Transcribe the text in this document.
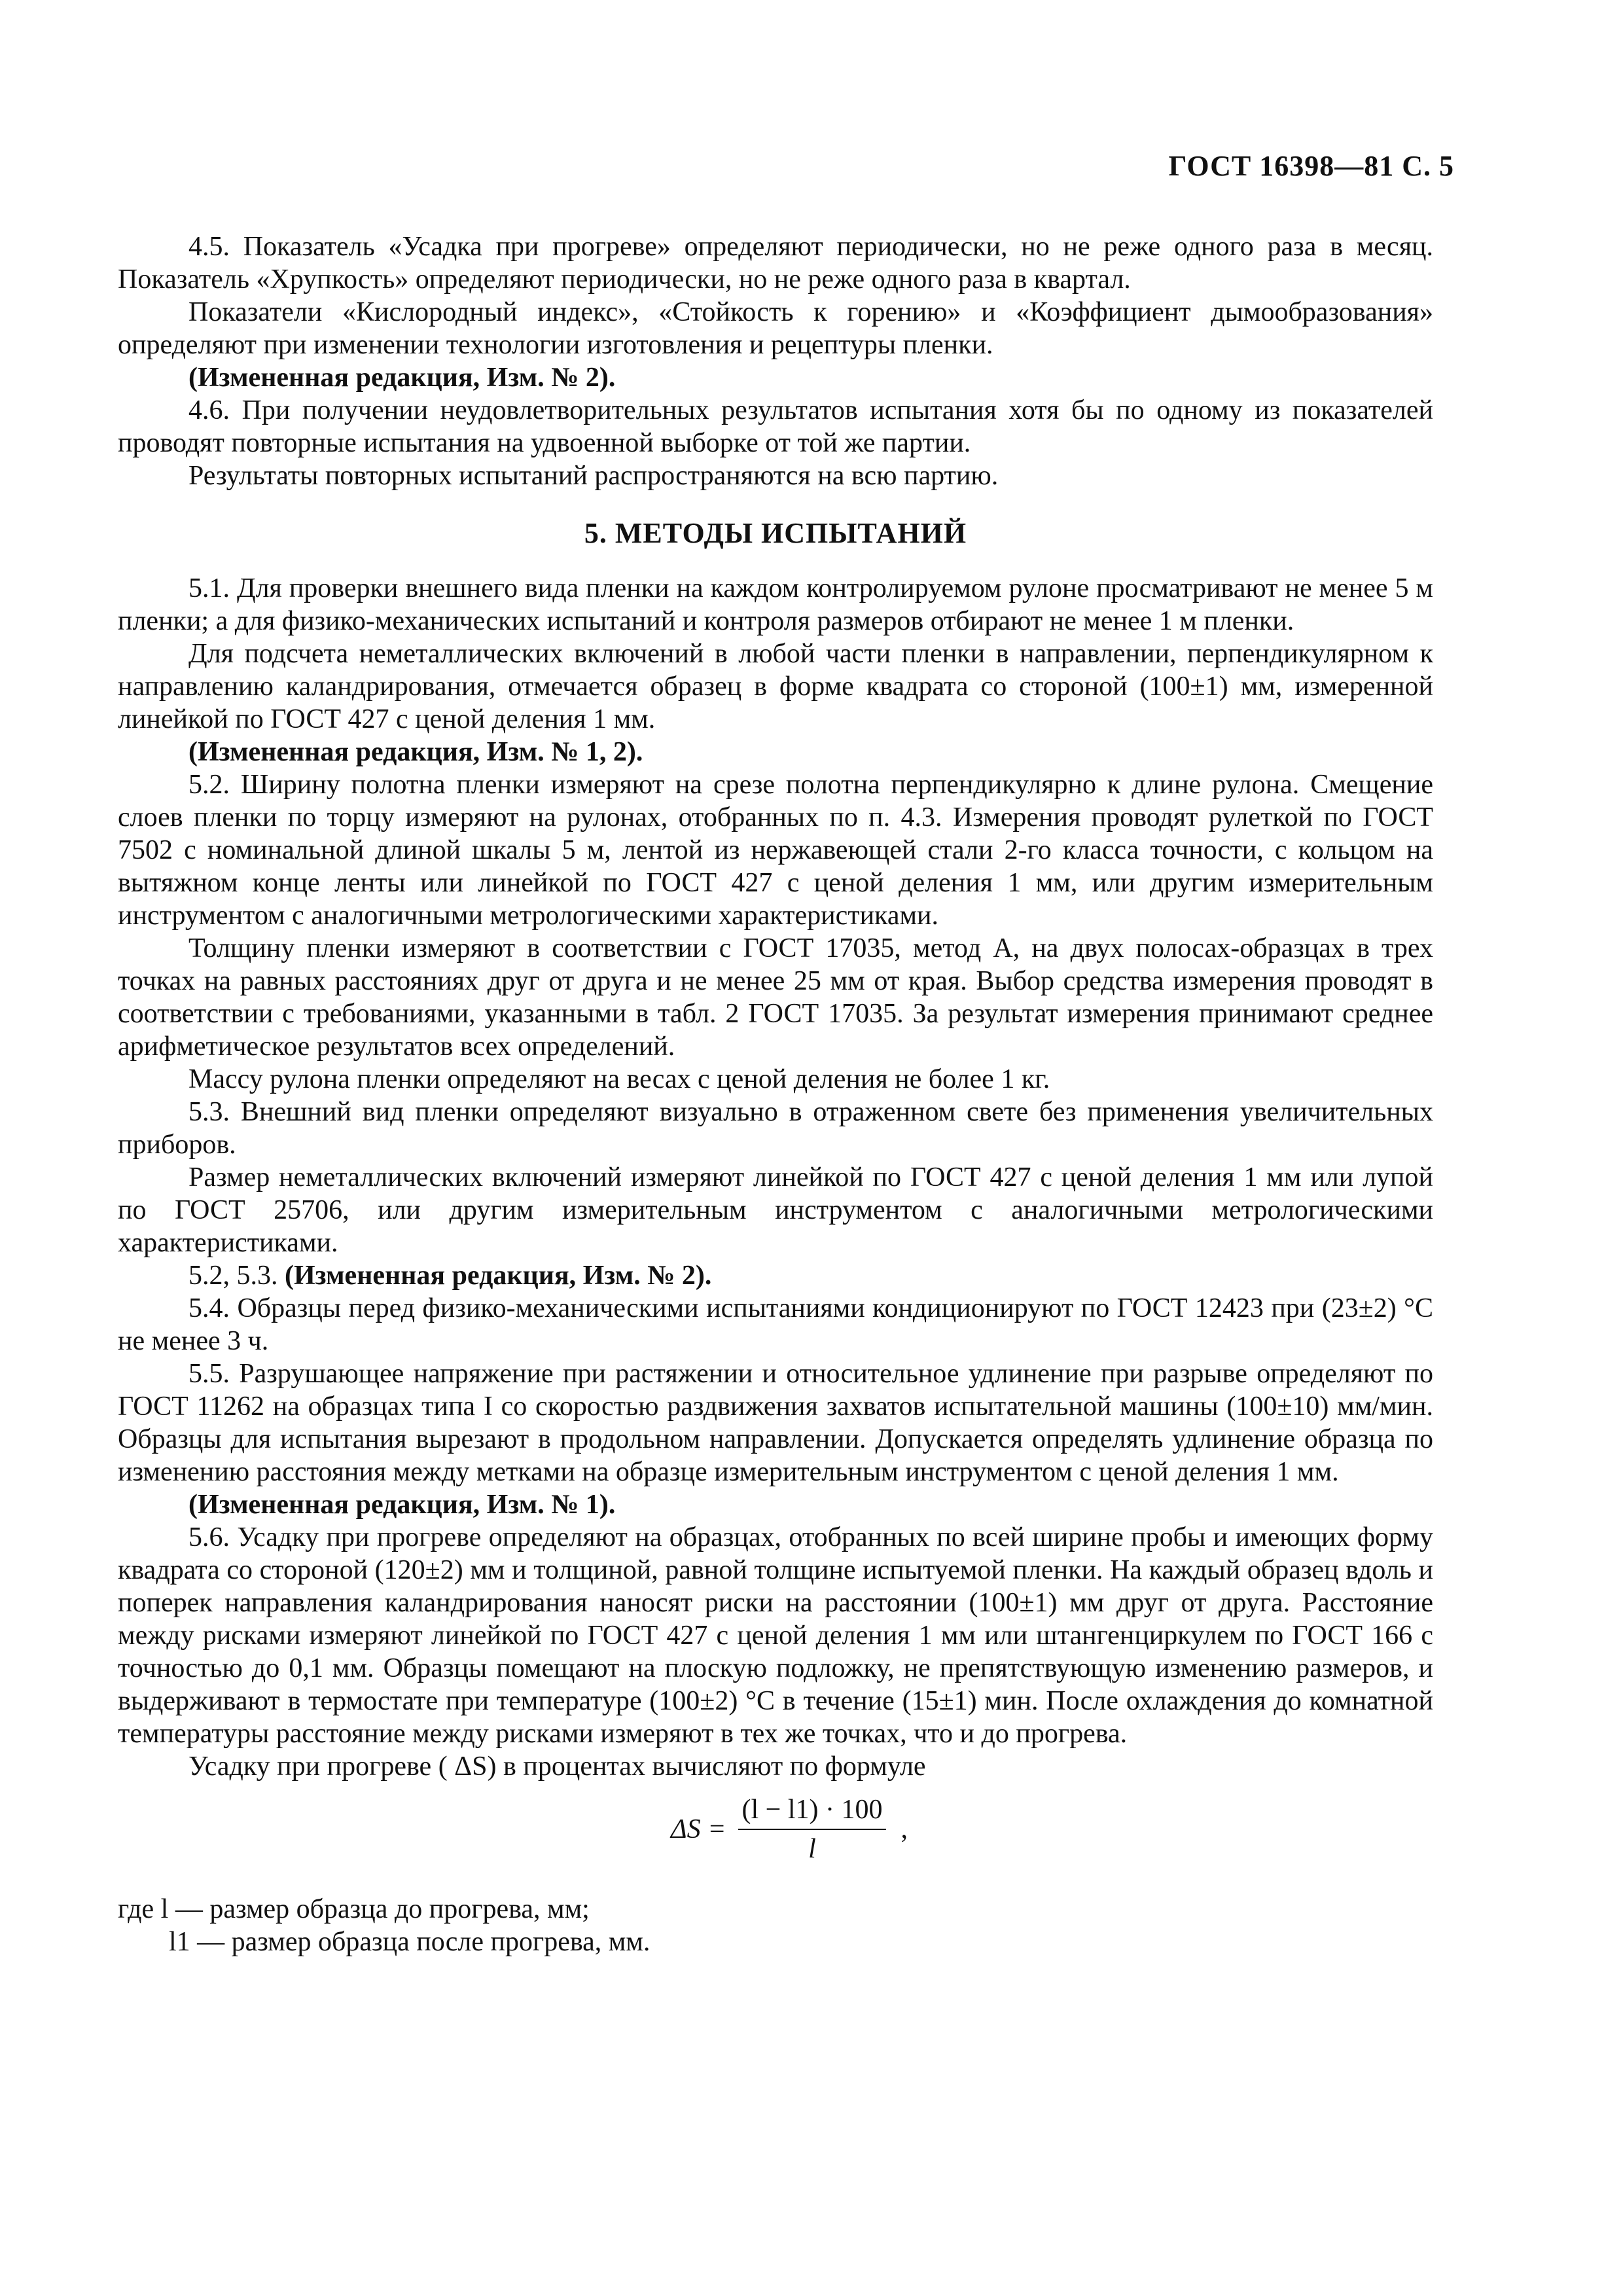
ГОСТ 16398—81 С. 5

4.5. Показатель «Усадка при прогреве» определяют периодически, но не реже одного раза в месяц. Показатель «Хрупкость» определяют периодически, но не реже одного раза в квартал.

Показатели «Кислородный индекс», «Стойкость к горению» и «Коэффициент дымообразования» определяют при изменении технологии изготовления и рецептуры пленки.

(Измененная редакция, Изм. № 2).

4.6. При получении неудовлетворительных результатов испытания хотя бы по одному из показателей проводят повторные испытания на удвоенной выборке от той же партии.

Результаты повторных испытаний распространяются на всю партию.

5. МЕТОДЫ ИСПЫТАНИЙ

5.1. Для проверки внешнего вида пленки на каждом контролируемом рулоне просматривают не менее 5 м пленки; а для физико-механических испытаний и контроля размеров отбирают не менее 1 м пленки.

Для подсчета неметаллических включений в любой части пленки в направлении, перпендикулярном к направлению каландрирования, отмечается образец в форме квадрата со стороной (100±1) мм, измеренной линейкой по ГОСТ 427 с ценой деления 1 мм.

(Измененная редакция, Изм. № 1, 2).

5.2. Ширину полотна пленки измеряют на срезе полотна перпендикулярно к длине рулона. Смещение слоев пленки по торцу измеряют на рулонах, отобранных по п. 4.3. Измерения проводят рулеткой по ГОСТ 7502 с номинальной длиной шкалы 5 м, лентой из нержавеющей стали 2-го класса точности, с кольцом на вытяжном конце ленты или линейкой по ГОСТ 427 с ценой деления 1 мм, или другим измерительным инструментом с аналогичными метрологическими характеристиками.

Толщину пленки измеряют в соответствии с ГОСТ 17035, метод А, на двух полосах-образцах в трех точках на равных расстояниях друг от друга и не менее 25 мм от края. Выбор средства измерения проводят в соответствии с требованиями, указанными в табл. 2 ГОСТ 17035. За результат измерения принимают среднее арифметическое результатов всех определений.

Массу рулона пленки определяют на весах с ценой деления не более 1 кг.

5.3. Внешний вид пленки определяют визуально в отраженном свете без применения увеличительных приборов.

Размер неметаллических включений измеряют линейкой по ГОСТ 427 с ценой деления 1 мм или лупой по ГОСТ 25706, или другим измерительным инструментом с аналогичными метрологическими характеристиками.

5.2, 5.3. (Измененная редакция, Изм. № 2).

5.4. Образцы перед физико-механическими испытаниями кондиционируют по ГОСТ 12423 при (23±2) °С не менее 3 ч.

5.5. Разрушающее напряжение при растяжении и относительное удлинение при разрыве определяют по ГОСТ 11262 на образцах типа I со скоростью раздвижения захватов испытательной машины (100±10) мм/мин. Образцы для испытания вырезают в продольном направлении. Допускается определять удлинение образца по изменению расстояния между метками на образце измерительным инструментом с ценой деления 1 мм.

(Измененная редакция, Изм. № 1).

5.6. Усадку при прогреве определяют на образцах, отобранных по всей ширине пробы и имеющих форму квадрата со стороной (120±2) мм и толщиной, равной толщине испытуемой пленки. На каждый образец вдоль и поперек направления каландрирования наносят риски на расстоянии (100±1) мм друг от друга. Расстояние между рисками измеряют линейкой по ГОСТ 427 с ценой деления 1 мм или штангенциркулем по ГОСТ 166 с точностью до 0,1 мм. Образцы помещают на плоскую подложку, не препятствующую изменению размеров, и выдерживают в термостате при температуре (100±2) °С в течение (15±1) мин. После охлаждения до комнатной температуры расстояние между рисками измеряют в тех же точках, что и до прогрева.

Усадку при прогреве ( ΔS) в процентах вычисляют по формуле

$\Delta S = \frac{(l - l1) \cdot 100}{l}$ ,

где l — размер образца до прогрева, мм;

l1 — размер образца после прогрева, мм.
